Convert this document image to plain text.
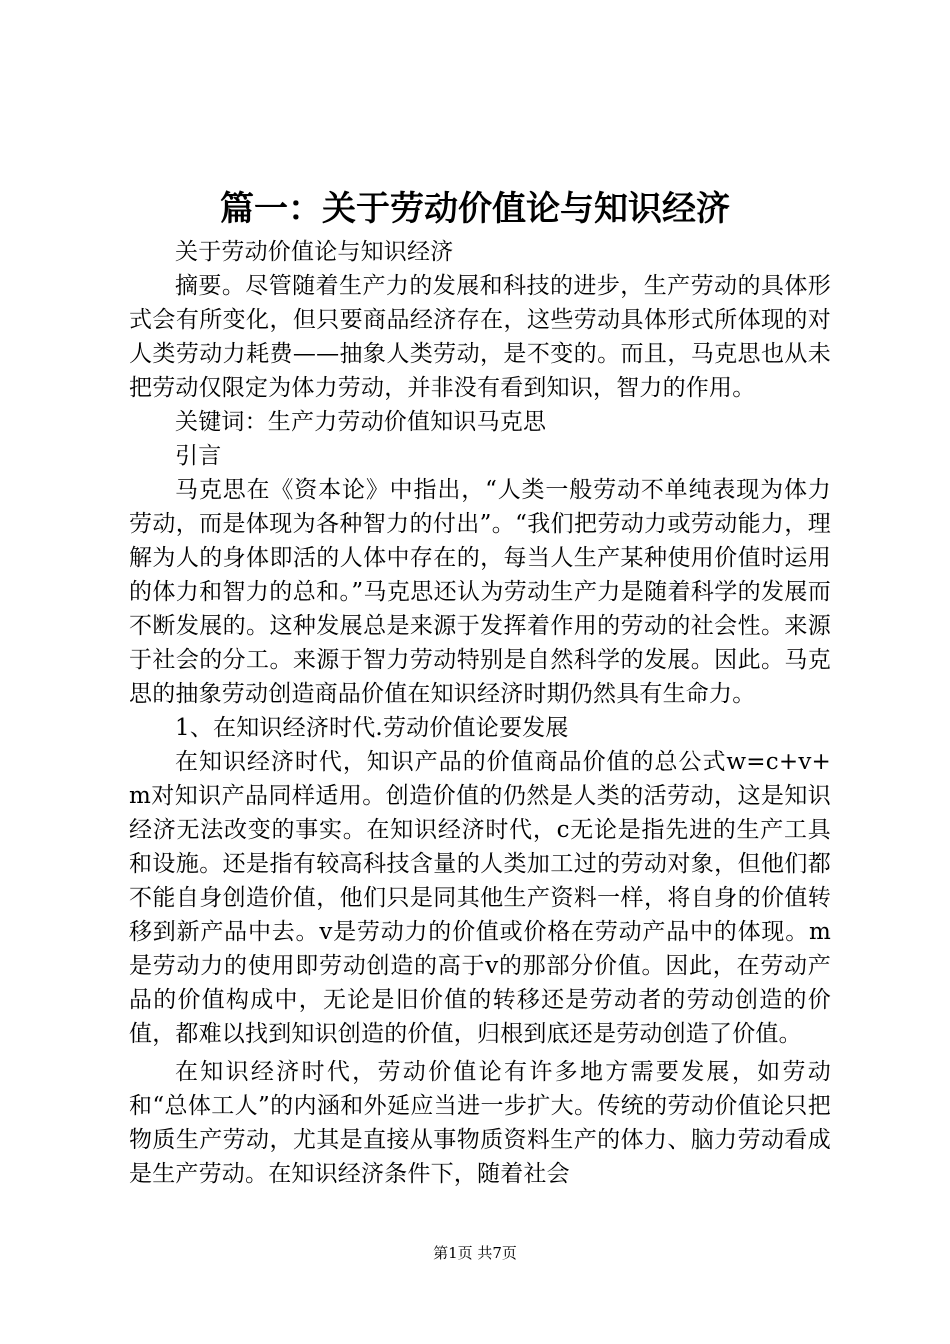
篇一：关于劳动价值论与知识经济

关于劳动价值论与知识经济

摘要。尽管随着生产力的发展和科技的进步，生产劳动的具体形式会有所变化，但只要商品经济存在，这些劳动具体形式所体现的对人类劳动力耗费——抽象人类劳动，是不变的。而且，马克思也从未把劳动仅限定为体力劳动，并非没有看到知识，智力的作用。

关键词：生产力劳动价值知识马克思

引言

马克思在《资本论》中指出，“人类一般劳动不单纯表现为体力劳动，而是体现为各种智力的付出”。“我们把劳动力或劳动能力，理解为人的身体即活的人体中存在的，每当人生产某种使用价值时运用的体力和智力的总和。”马克思还认为劳动生产力是随着科学的发展而不断发展的。这种发展总是来源于发挥着作用的劳动的社会性。来源于社会的分工。来源于智力劳动特别是自然科学的发展。因此。马克思的抽象劳动创造商品价值在知识经济时期仍然具有生命力。

1、在知识经济时代.劳动价值论要发展

在知识经济时代，知识产品的价值商品价值的总公式w=c+v+m对知识产品同样适用。创造价值的仍然是人类的活劳动，这是知识经济无法改变的事实。在知识经济时代，c无论是指先进的生产工具和设施。还是指有较高科技含量的人类加工过的劳动对象，但他们都不能自身创造价值，他们只是同其他生产资料一样，将自身的价值转移到新产品中去。v是劳动力的价值或价格在劳动产品中的体现。m是劳动力的使用即劳动创造的高于v的那部分价值。因此，在劳动产品的价值构成中，无论是旧价值的转移还是劳动者的劳动创造的价值，都难以找到知识创造的价值，归根到底还是劳动创造了价值。

在知识经济时代，劳动价值论有许多地方需要发展，如劳动和“总体工人”的内涵和外延应当进一步扩大。传统的劳动价值论只把物质生产劳动，尤其是直接从事物质资料生产的体力、脑力劳动看成是生产劳动。在知识经济条件下，随着社会

第1页 共7页
